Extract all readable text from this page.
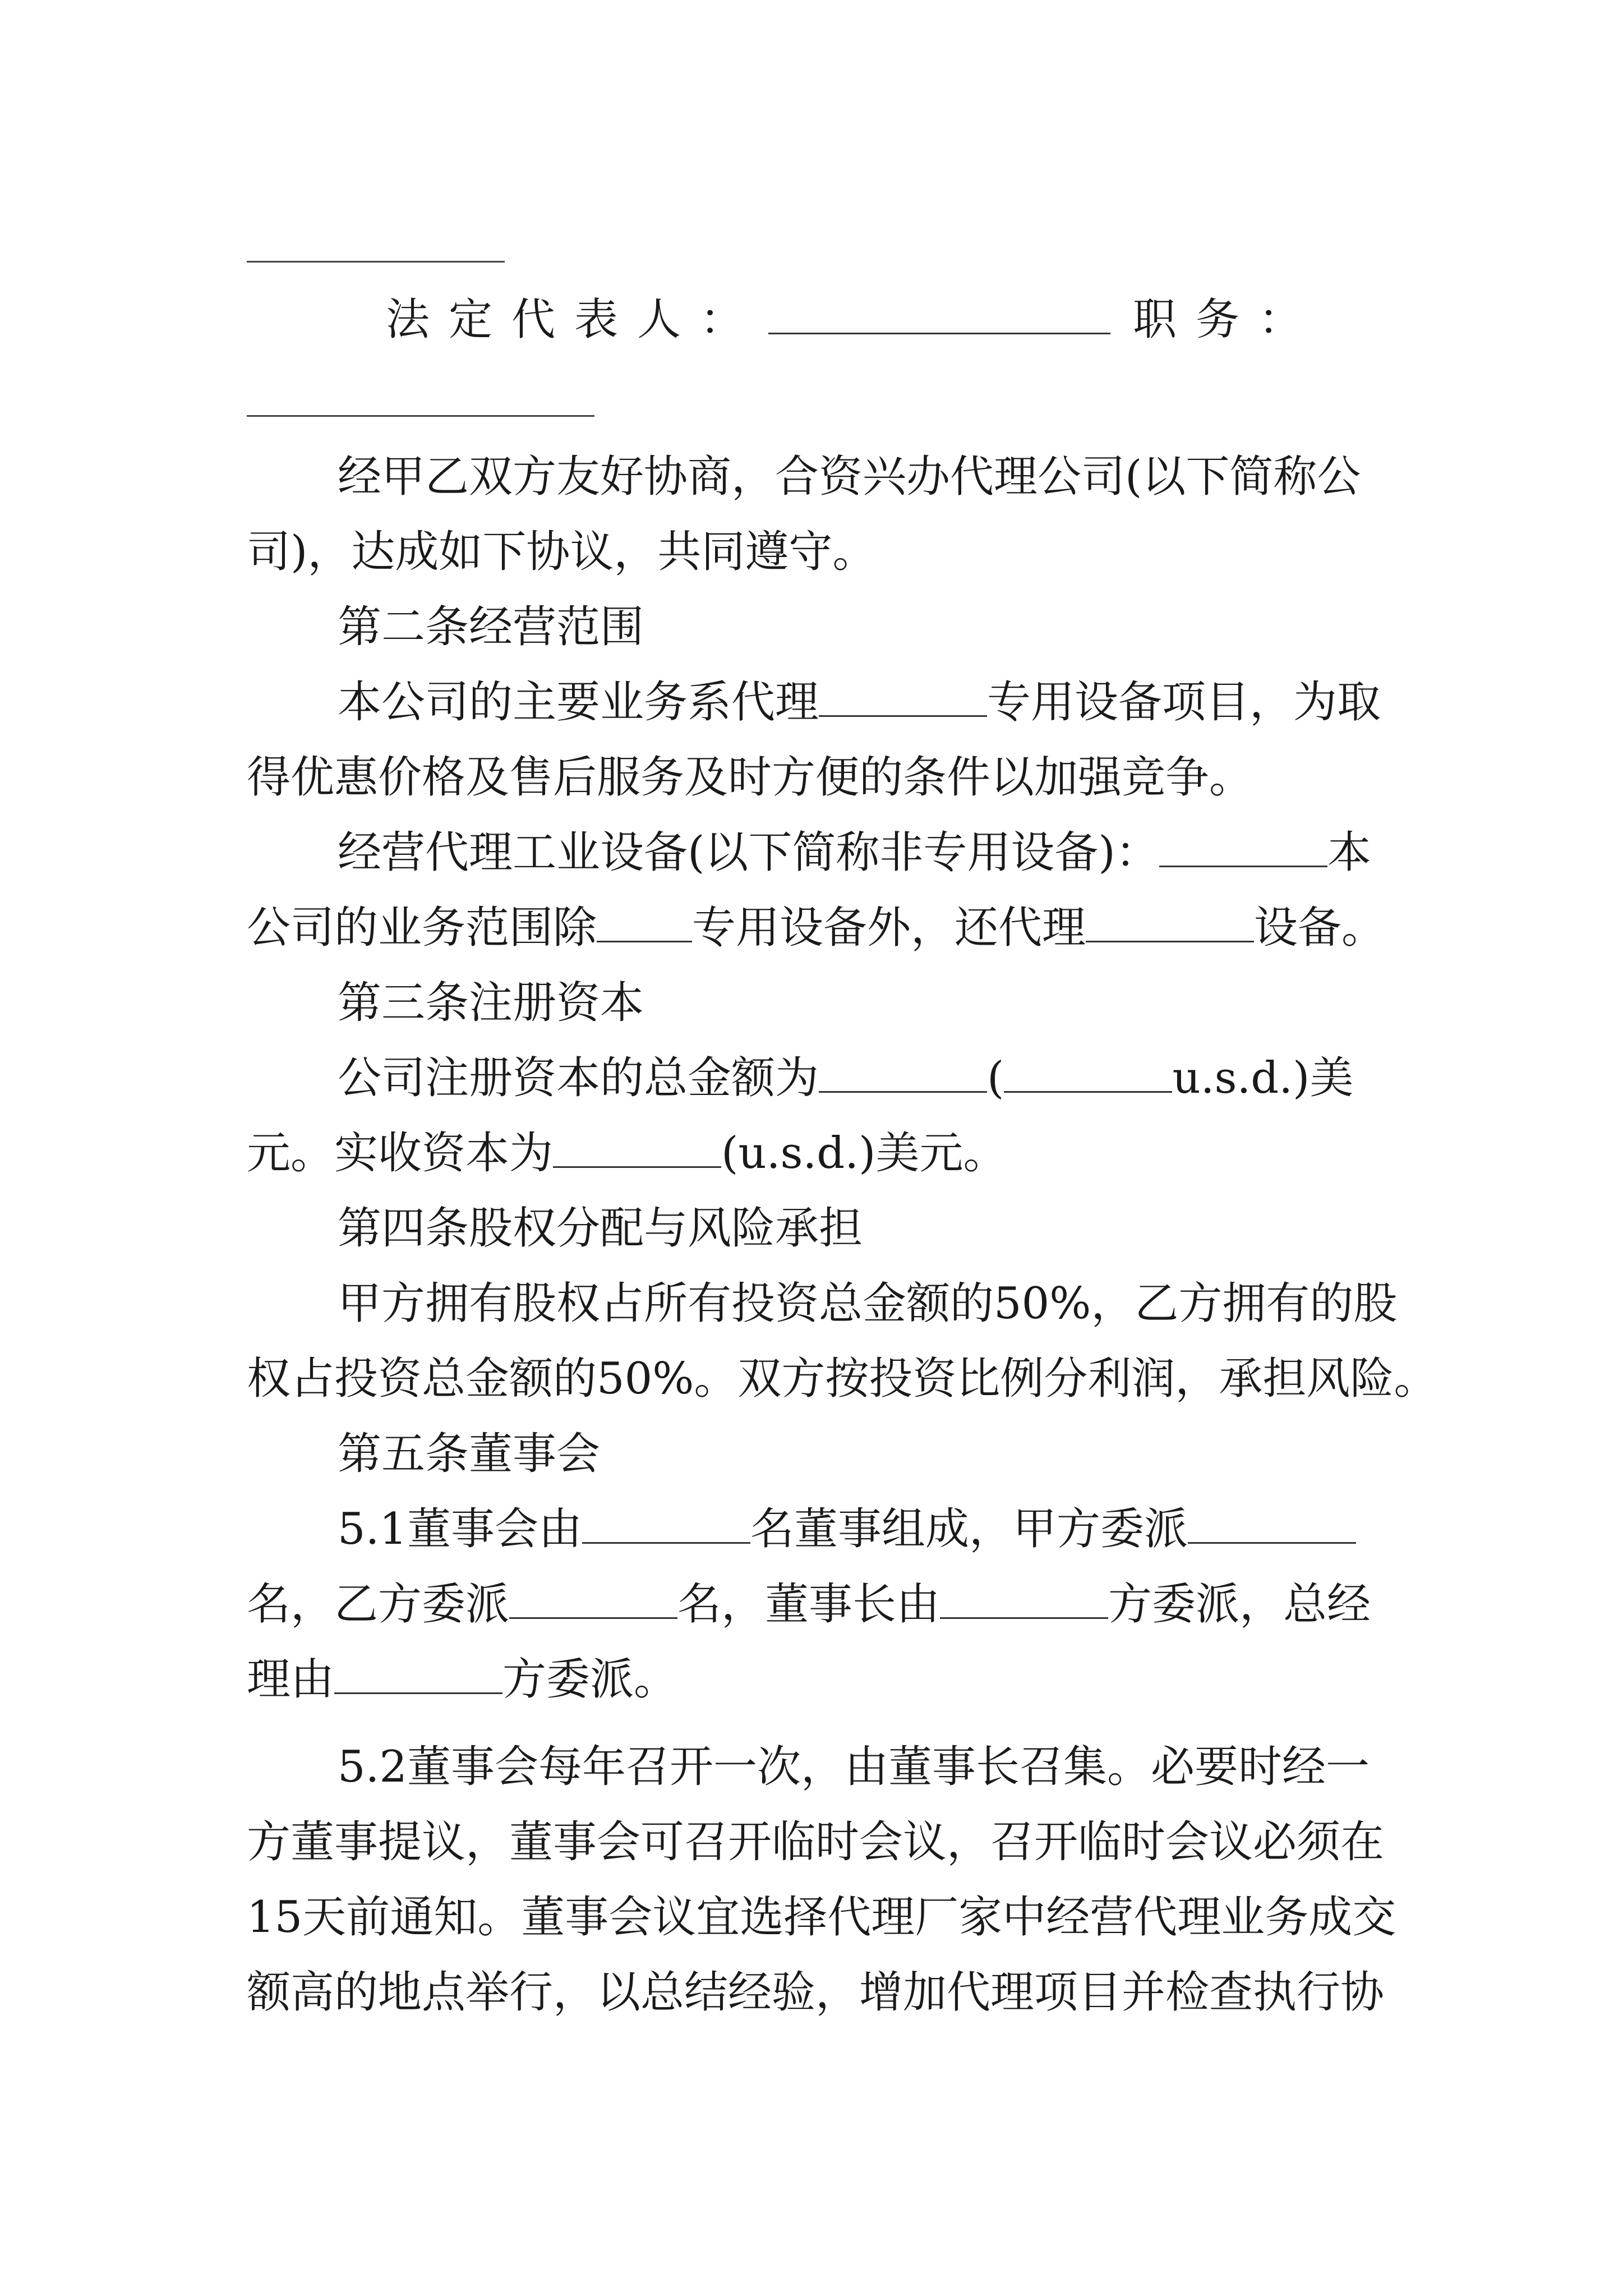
法定代表人：	职务：
经甲乙双方友好协商，合资兴办代理公司(以下简称公
司)，达成如下协议，共同遵守。
第二条经营范围
本公司的主要业务系代理	专用设备项目，为取
得优惠价格及售后服务及时方便的条件以加强竞争。
经营代理工业设备(以下简称非专用设备)：	本
公司的业务范围除 专用设备外，还代理	设备。
第三条注册资本
公司注册资本的总金额为	(	u.s.d.)美
元。实收资本为	(u.s.d.)美元。
第四条股权分配与风险承担
甲方拥有股权占所有投资总金额的50%，乙方拥有的股
权占投资总金额的50%。双方按投资比例分利润，承担风险。
第五条董事会
5.1董事会由	名董事组成，甲方委派
名，乙方委派	名，董事长由	方委派，总经
理由	方委派。
5.2董事会每年召开一次，由董事长召集。必要时经一
方董事提议，董事会可召开临时会议，召开临时会议必须在
15天前通知。董事会议宜选择代理厂家中经营代理业务成交
额高的地点举行，以总结经验，增加代理项目并检查执行协
